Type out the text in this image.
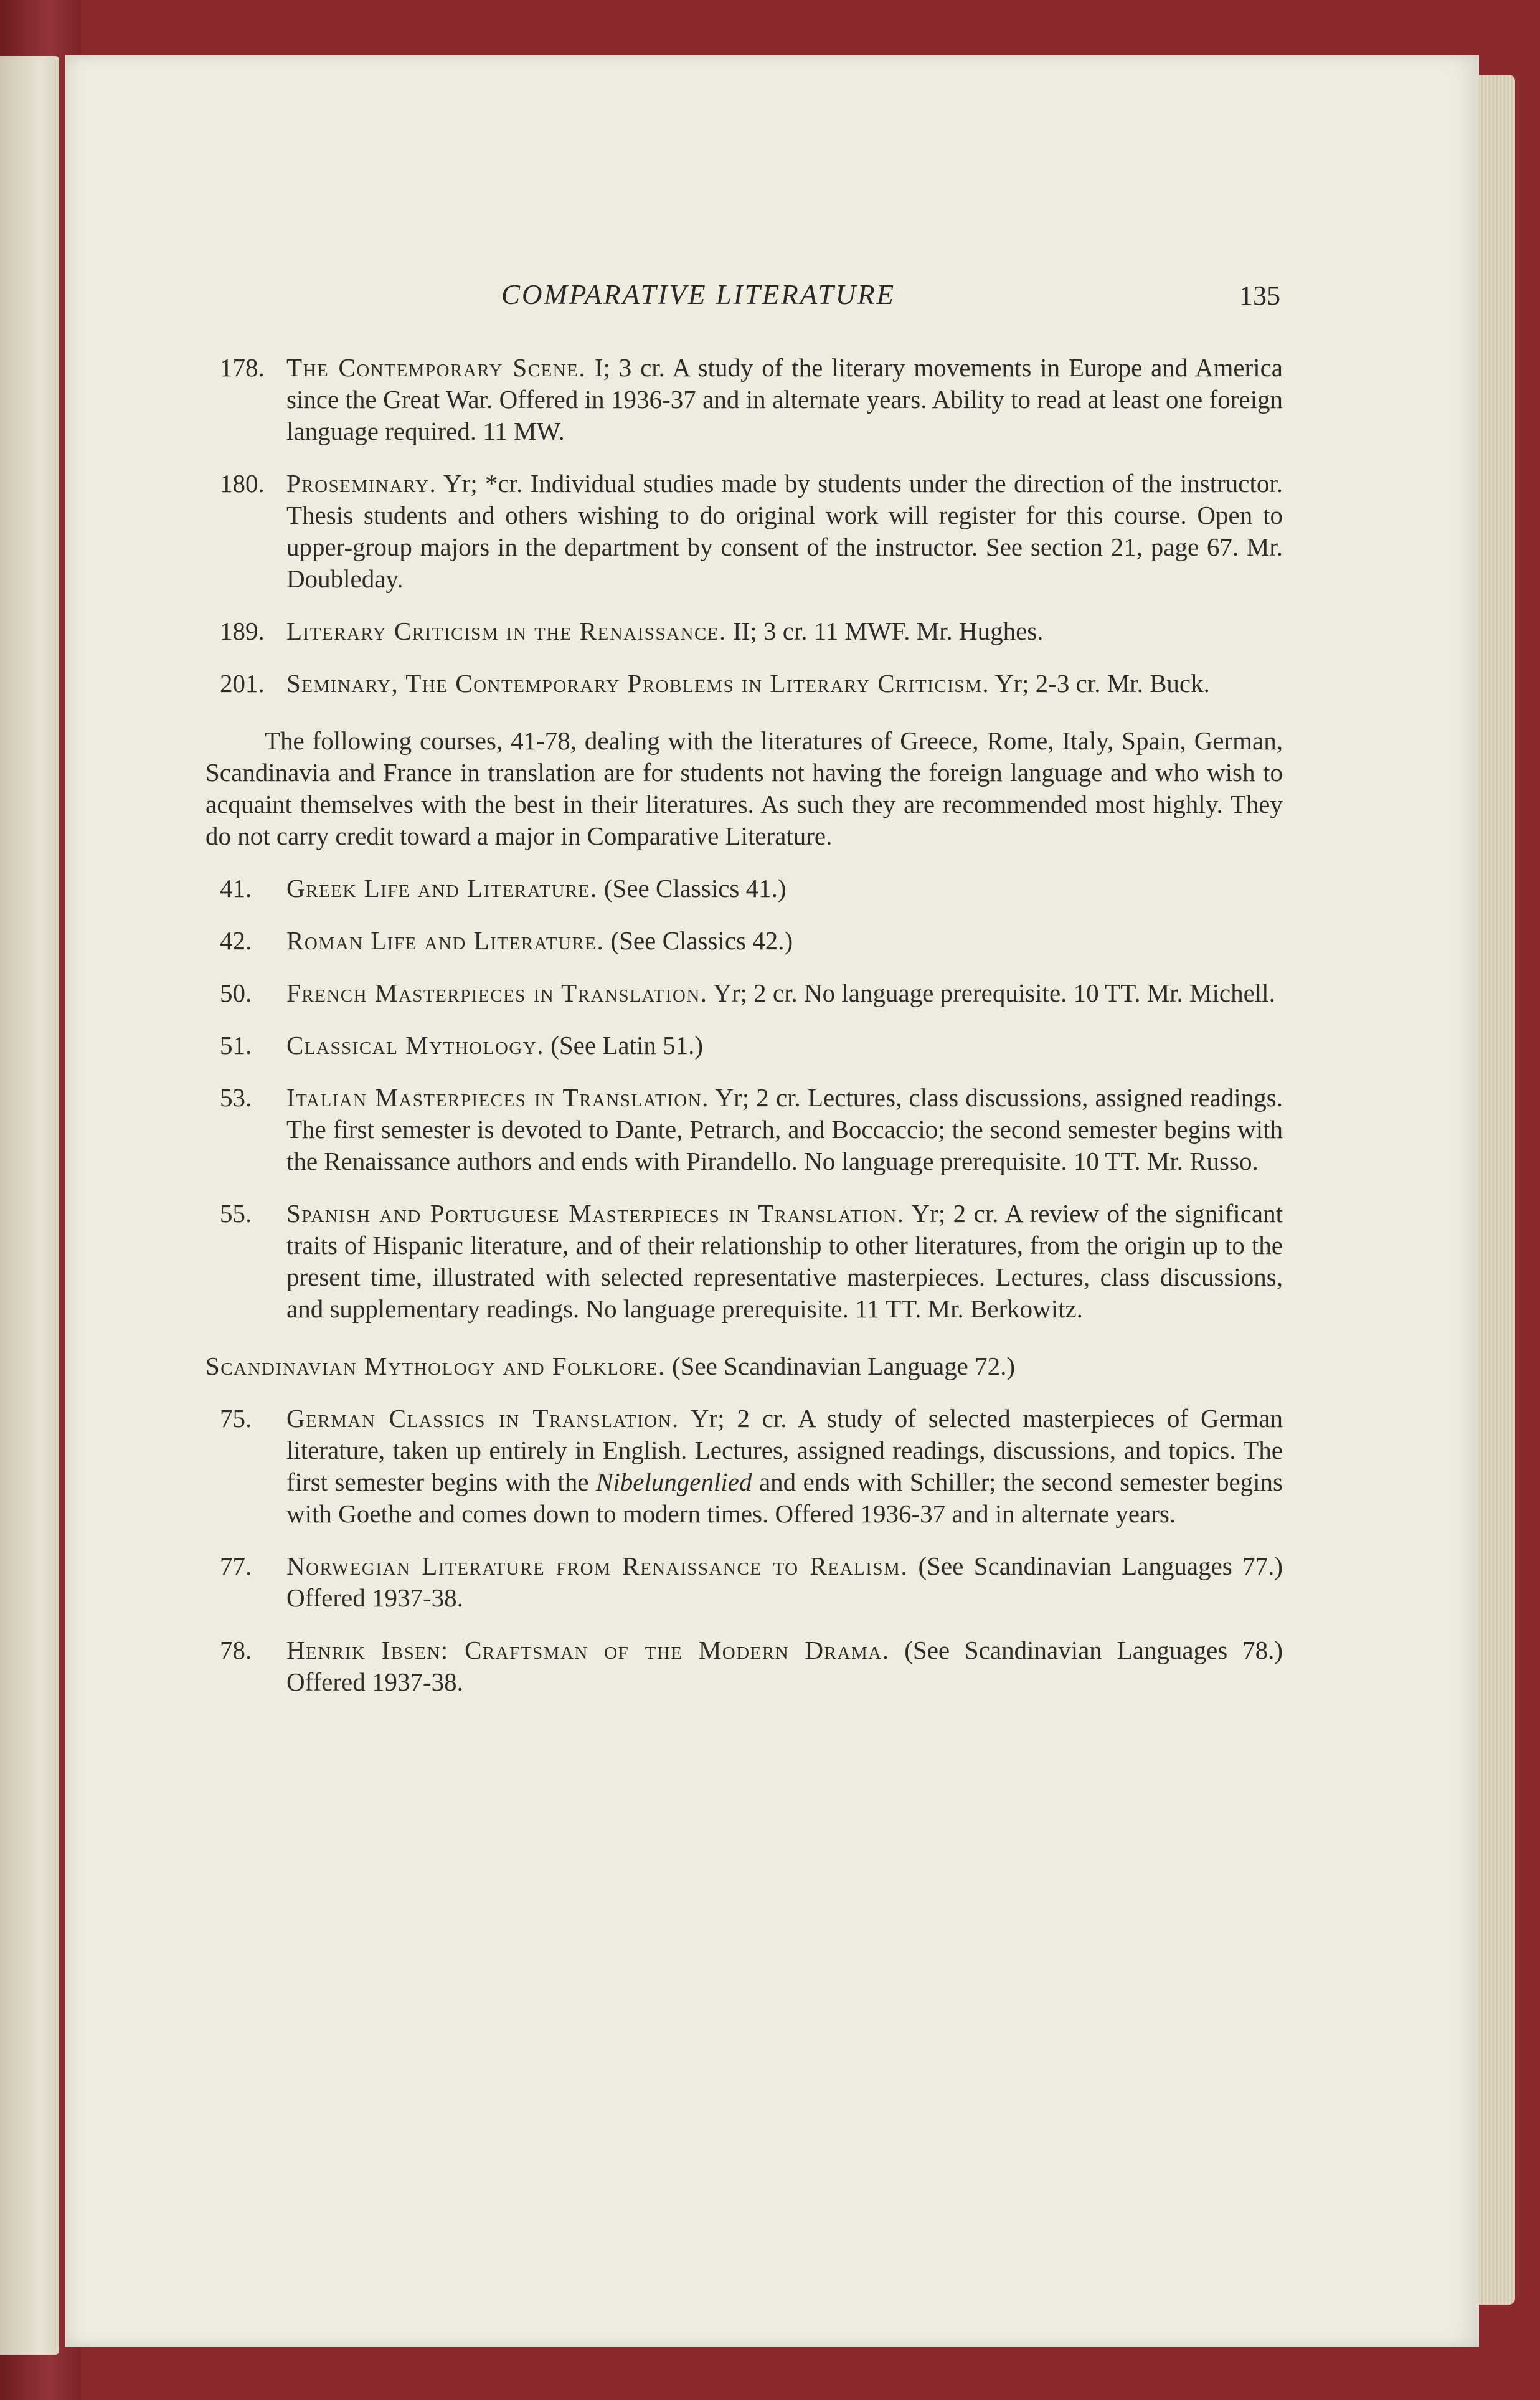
COMPARATIVE LITERATURE	135
178. The Contemporary Scene. I; 3 cr. A study of the literary movements in Europe and America since the Great War. Offered in 1936-37 and in alternate years. Ability to read at least one foreign language required. 11 MW.

180. Proseminary. Yr; *cr. Individual studies made by students under the direction of the instructor. Thesis students and others wishing to do original work will register for this course. Open to upper-group majors in the department by consent of the instructor. See section 21, page 67. Mr. Doubleday.

189. Literary Criticism in the Renaissance. II; 3 cr. 11 MWF. Mr. Hughes.

201. Seminary, The Contemporary Problems in Literary Criticism. Yr; 2-3 cr. Mr. Buck.

The following courses, 41-78, dealing with the literatures of Greece, Rome, Italy, Spain, German, Scandinavia and France in translation are for students not having the foreign language and who wish to acquaint themselves with the best in their literatures. As such they are recommended most highly. They do not carry credit toward a major in Comparative Literature.

41. Greek Life and Literature. (See Classics 41.)

42. Roman Life and Literature. (See Classics 42.)

50. French Masterpieces in Translation. Yr; 2 cr. No language prerequisite. 10 TT. Mr. Michell.

51. Classical Mythology. (See Latin 51.)

53. Italian Masterpieces in Translation. Yr; 2 cr. Lectures, class discussions, assigned readings. The first semester is devoted to Dante, Petrarch, and Boccaccio; the second semester begins with the Renaissance authors and ends with Pirandello. No language prerequisite. 10 TT. Mr. Russo.

55. Spanish and Portuguese Masterpieces in Translation. Yr; 2 cr. A review of the significant traits of Hispanic literature, and of their relationship to other literatures, from the origin up to the present time, illustrated with selected representative masterpieces. Lectures, class discussions, and supplementary readings. No language prerequisite. 11 TT. Mr. Berkowitz.

Scandinavian Mythology and Folklore. (See Scandinavian Language 72.)

75. German Classics in Translation. Yr; 2 cr. A study of selected masterpieces of German literature, taken up entirely in English. Lectures, assigned readings, discussions, and topics. The first semester begins with the Nibelungenlied and ends with Schiller; the second semester begins with Goethe and comes down to modern times. Offered 1936-37 and in alternate years.

77. Norwegian Literature from Renaissance to Realism. (See Scandinavian Languages 77.) Offered 1937-38.

78. Henrik Ibsen: Craftsman of the Modern Drama. (See Scandinavian Languages 78.) Offered 1937-38.
